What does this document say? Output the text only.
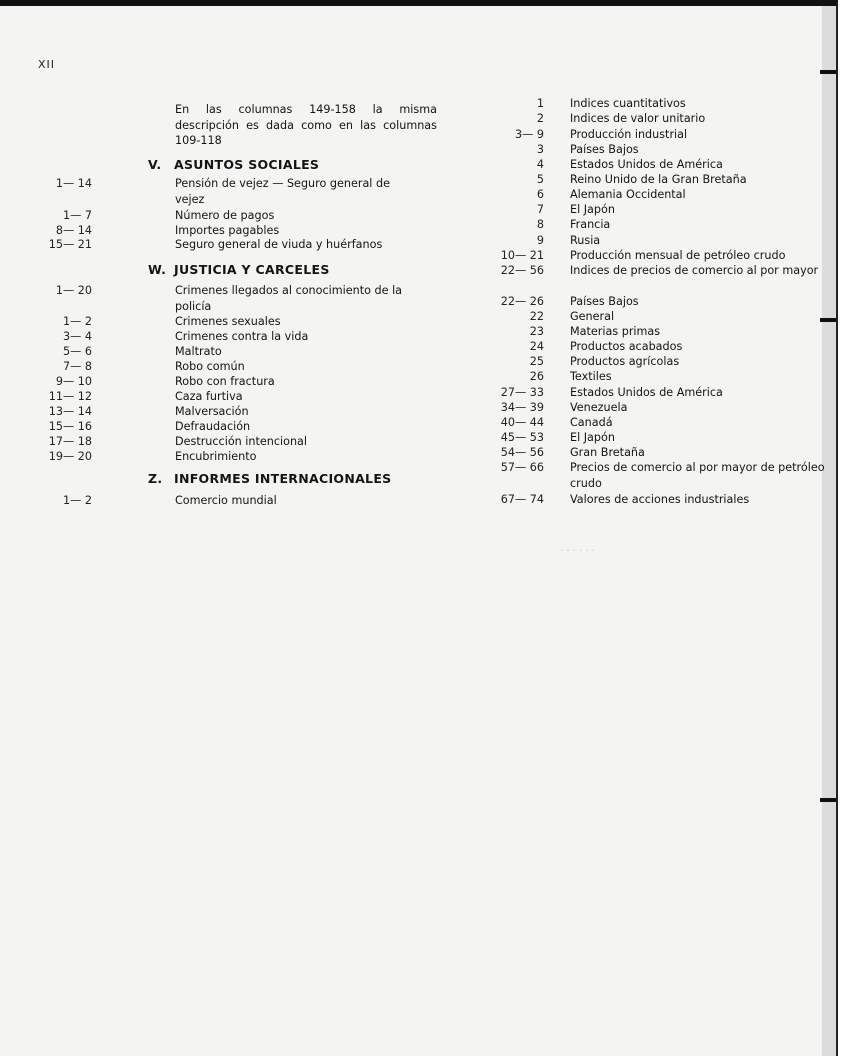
· · · · · ·
XII
En las columnas 149-158 la misma descripción es dada como en las columnas 109-118
V. ASUNTOS SOCIALES
1— 14	Pensión de vejez — Seguro general de vejez
1— 7	Número de pagos
8— 14	Importes pagables
15— 21	Seguro general de viuda y huérfanos
W. JUSTICIA Y CARCELES
1— 20	Crimenes llegados al conocimiento de la policía
1— 2	Crimenes sexuales
3— 4	Crimenes contra la vida
5— 6	Maltrato
7— 8	Robo común
9— 10	Robo con fractura
11— 12	Caza furtiva
13— 14	Malversación
15— 16	Defraudación
17— 18	Destrucción intencional
19— 20	Encubrimiento
Z. INFORMES INTERNACIONALES
1— 2	Comercio mundial
1 Indices cuantitativos
2 Indices de valor unitario
3— 9 Producción industrial
3 Países Bajos
4 Estados Unidos de América
5 Reino Unido de la Gran Bretaña
6 Alemania Occidental
7 El Japón
8 Francia
9 Rusia
10— 21 Producción mensual de petróleo crudo
22— 56 Indices de precios de comercio al por mayor
22— 26 Países Bajos
22 General
23 Materias primas
24 Productos acabados
25 Productos agrícolas
26 Textiles
27— 33 Estados Unidos de América
34— 39 Venezuela
40— 44 Canadá
45— 53 El Japón
54— 56 Gran Bretaña
57— 66 Precios de comercio al por mayor de petróleo crudo
67— 74 Valores de acciones industriales
